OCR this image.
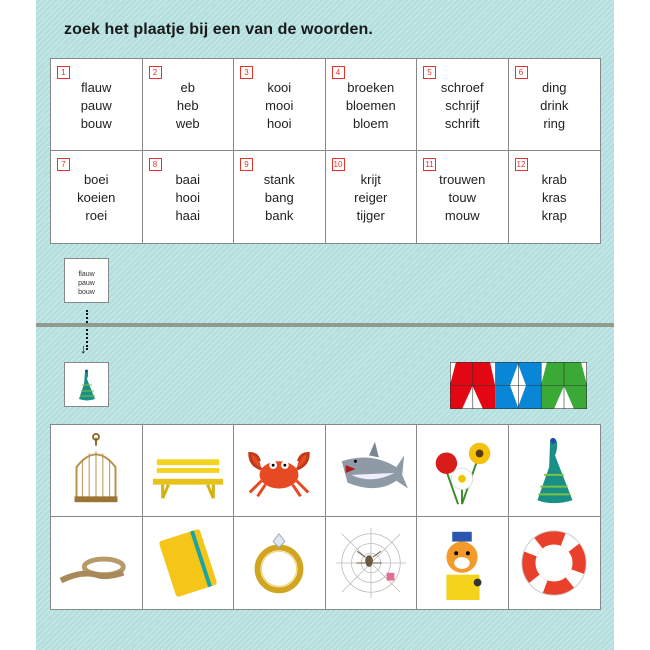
zoek het plaatje bij een van de woorden.
1
flauw
pauw
bouw
2
eb
heb
web
3
kooi
mooi
hooi
4
broeken
bloemen
bloem
5
schroef
schrijf
schrift
6
ding
drink
ring
7
boei
koeien
roei
8
baai
hooi
haai
9
stank
bang
bank
10
krijt
reiger
tijger
11
trouwen
touw
mouw
12
krab
kras
krap
flauw
pauw
bouw
↓
